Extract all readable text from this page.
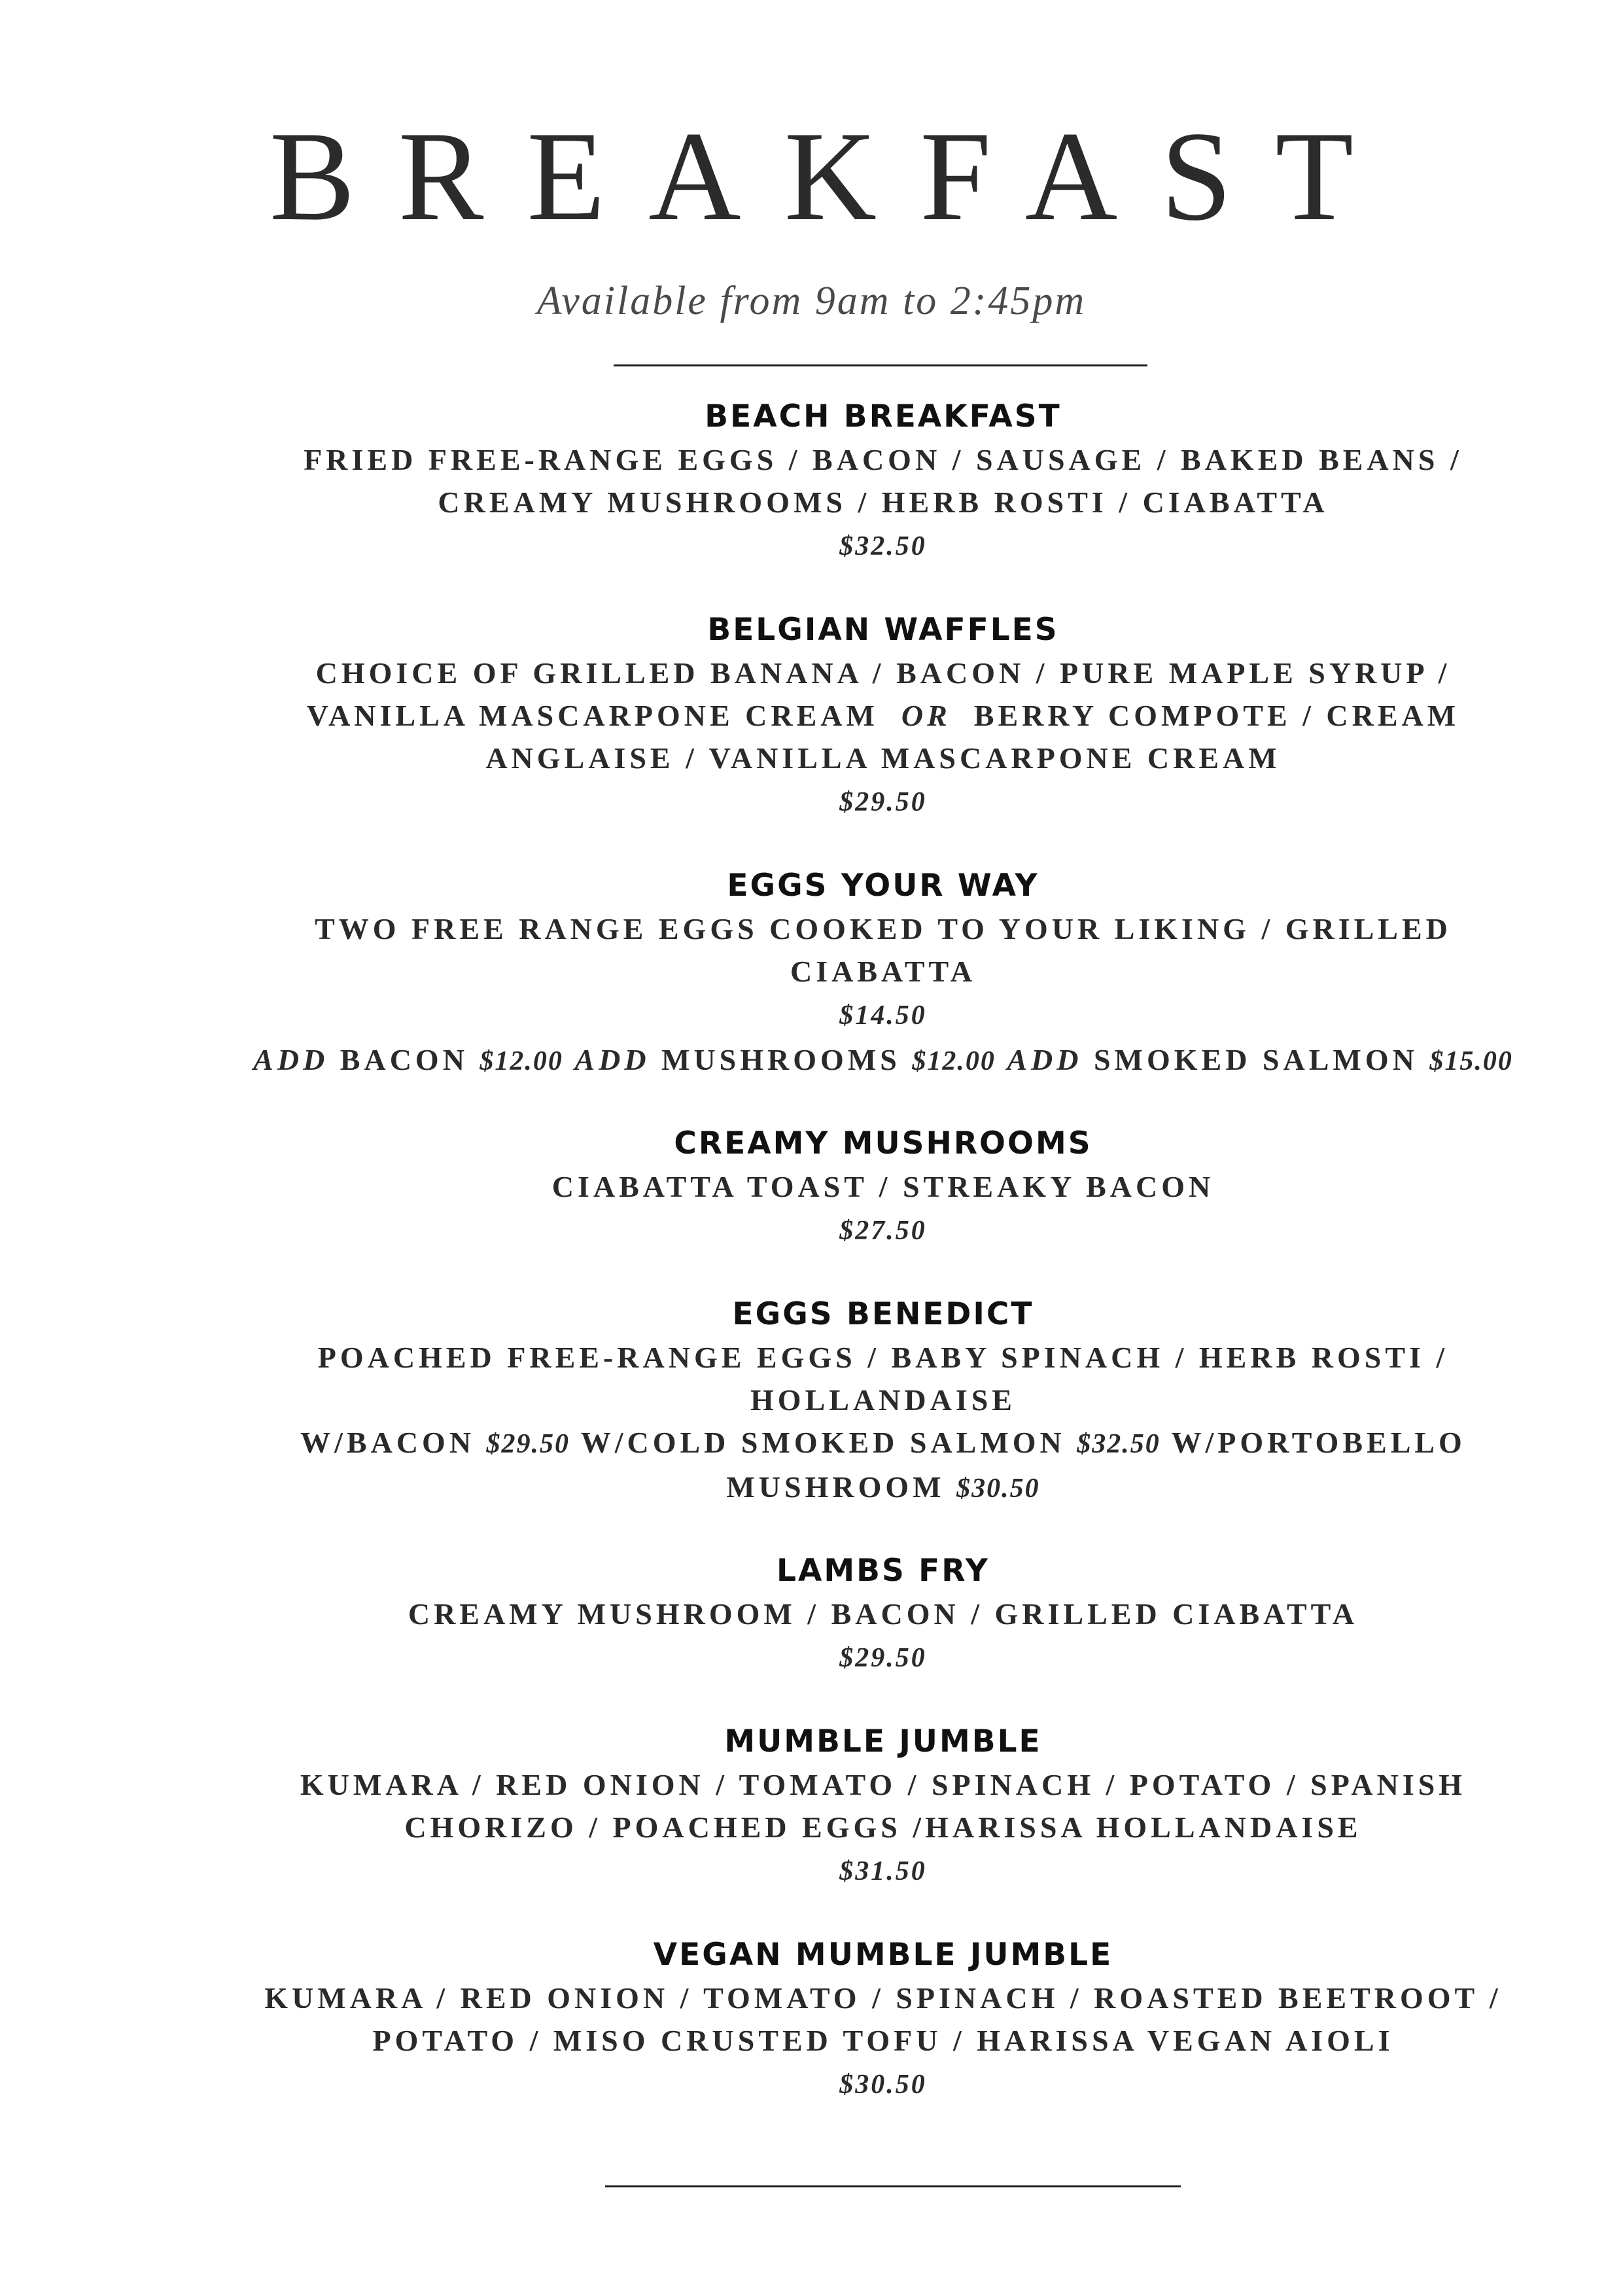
BREAKFAST
Available from 9am to 2:45pm

BEACH BREAKFAST

FRIED FREE-RANGE EGGS / BACON / SAUSAGE / BAKED BEANS /

CREAMY MUSHROOMS / HERB ROSTI / CIABATTA

$32.50

BELGIAN WAFFLES

CHOICE OF GRILLED BANANA / BACON / PURE MAPLE SYRUP /

VANILLA MASCARPONE CREAM OR BERRY COMPOTE / CREAM

ANGLAISE / VANILLA MASCARPONE CREAM

$29.50

EGGS YOUR WAY

TWO FREE RANGE EGGS COOKED TO YOUR LIKING / GRILLED

CIABATTA

$14.50

ADD BACON $12.00 ADD MUSHROOMS $12.00 ADD SMOKED SALMON $15.00

CREAMY MUSHROOMS

CIABATTA TOAST / STREAKY BACON

$27.50

EGGS BENEDICT

POACHED FREE-RANGE EGGS / BABY SPINACH / HERB ROSTI /

HOLLANDAISE

W/BACON $29.50 W/COLD SMOKED SALMON $32.50 W/PORTOBELLO

MUSHROOM $30.50

LAMBS FRY

CREAMY MUSHROOM / BACON / GRILLED CIABATTA

$29.50

MUMBLE JUMBLE

KUMARA / RED ONION / TOMATO / SPINACH / POTATO / SPANISH

CHORIZO / POACHED EGGS /HARISSA HOLLANDAISE

$31.50

VEGAN MUMBLE JUMBLE

KUMARA / RED ONION / TOMATO / SPINACH / ROASTED BEETROOT /

POTATO / MISO CRUSTED TOFU / HARISSA VEGAN AIOLI

$30.50
